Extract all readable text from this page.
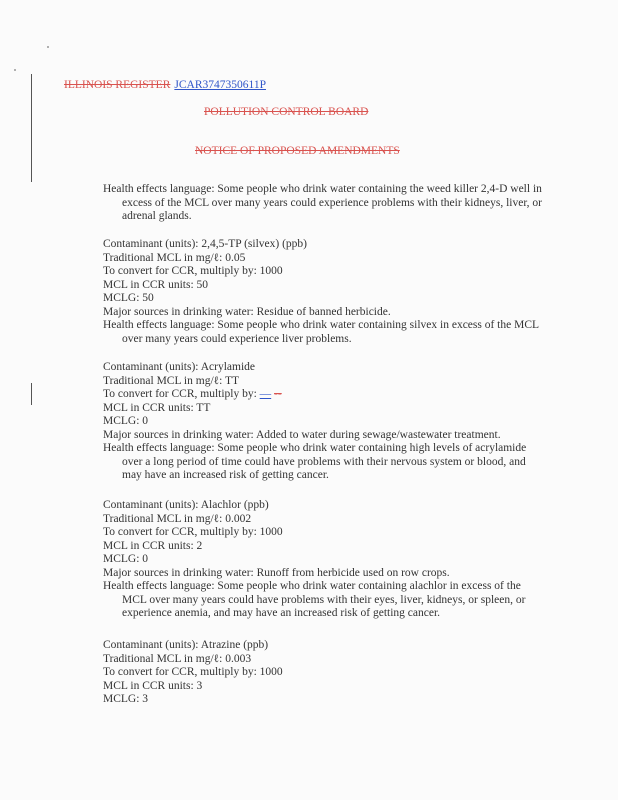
ILLINOIS REGISTER JCAR3747350611P
POLLUTION CONTROL BOARD
NOTICE OF PROPOSED AMENDMENTS
Health effects language: Some people who drink water containing the weed killer 2,4-D well in excess of the MCL over many years could experience problems with their kidneys, liver, or adrenal glands.
Contaminant (units): 2,4,5-TP (silvex) (ppb)
Traditional MCL in mg/ℓ: 0.05
To convert for CCR, multiply by: 1000
MCL in CCR units: 50
MCLG: 50
Major sources in drinking water: Residue of banned herbicide.
Health effects language: Some people who drink water containing silvex in excess of the MCL over many years could experience liver problems.
Contaminant (units): Acrylamide
Traditional MCL in mg/ℓ: TT
To convert for CCR, multiply by: — --
MCL in CCR units: TT
MCLG: 0
Major sources in drinking water: Added to water during sewage/wastewater treatment.
Health effects language: Some people who drink water containing high levels of acrylamide over a long period of time could have problems with their nervous system or blood, and may have an increased risk of getting cancer.
Contaminant (units): Alachlor (ppb)
Traditional MCL in mg/ℓ: 0.002
To convert for CCR, multiply by: 1000
MCL in CCR units: 2
MCLG: 0
Major sources in drinking water: Runoff from herbicide used on row crops.
Health effects language: Some people who drink water containing alachlor in excess of the MCL over many years could have problems with their eyes, liver, kidneys, or spleen, or experience anemia, and may have an increased risk of getting cancer.
Contaminant (units): Atrazine (ppb)
Traditional MCL in mg/ℓ: 0.003
To convert for CCR, multiply by: 1000
MCL in CCR units: 3
MCLG: 3
